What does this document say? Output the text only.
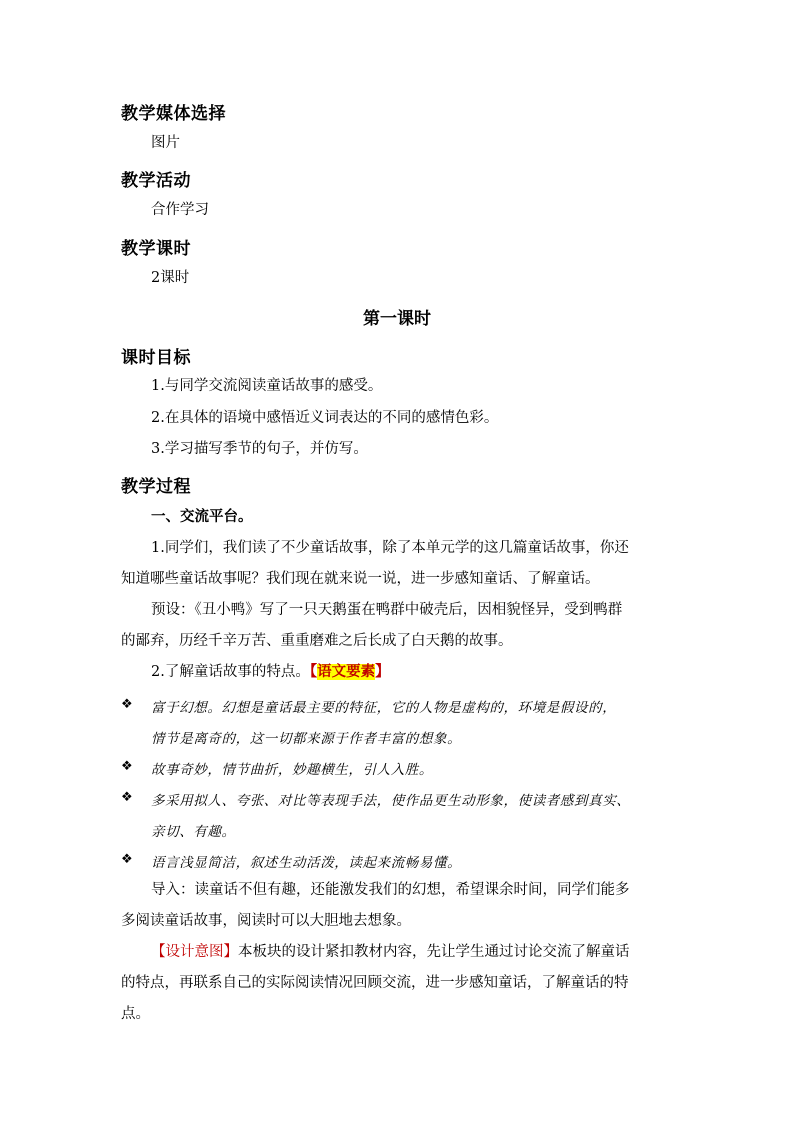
教学媒体选择
图片
教学活动
合作学习
教学课时
2课时
第一课时
课时目标
1.与同学交流阅读童话故事的感受。
2.在具体的语境中感悟近义词表达的不同的感情色彩。
3.学习描写季节的句子，并仿写。
教学过程
一、交流平台。
1.同学们，我们读了不少童话故事，除了本单元学的这几篇童话故事，你还
知道哪些童话故事呢？我们现在就来说一说，进一步感知童话、了解童话。
预设：《丑小鸭》写了一只天鹅蛋在鸭群中破壳后，因相貌怪异，受到鸭群
的鄙弃，历经千辛万苦、重重磨难之后长成了白天鹅的故事。
2.了解童话故事的特点。【语文要素】
❖ 富于幻想。幻想是童话最主要的特征，它的人物是虚构的，环境是假设的，
情节是离奇的，这一切都来源于作者丰富的想象。
❖ 故事奇妙，情节曲折，妙趣横生，引人入胜。
❖ 多采用拟人、夸张、对比等表现手法，使作品更生动形象，使读者感到真实、
亲切、有趣。
❖ 语言浅显简洁，叙述生动活泼，读起来流畅易懂。
导入：读童话不但有趣，还能激发我们的幻想，希望课余时间，同学们能多
多阅读童话故事，阅读时可以大胆地去想象。
【设计意图】本板块的设计紧扣教材内容，先让学生通过讨论交流了解童话
的特点，再联系自己的实际阅读情况回顾交流，进一步感知童话，了解童话的特
点。
